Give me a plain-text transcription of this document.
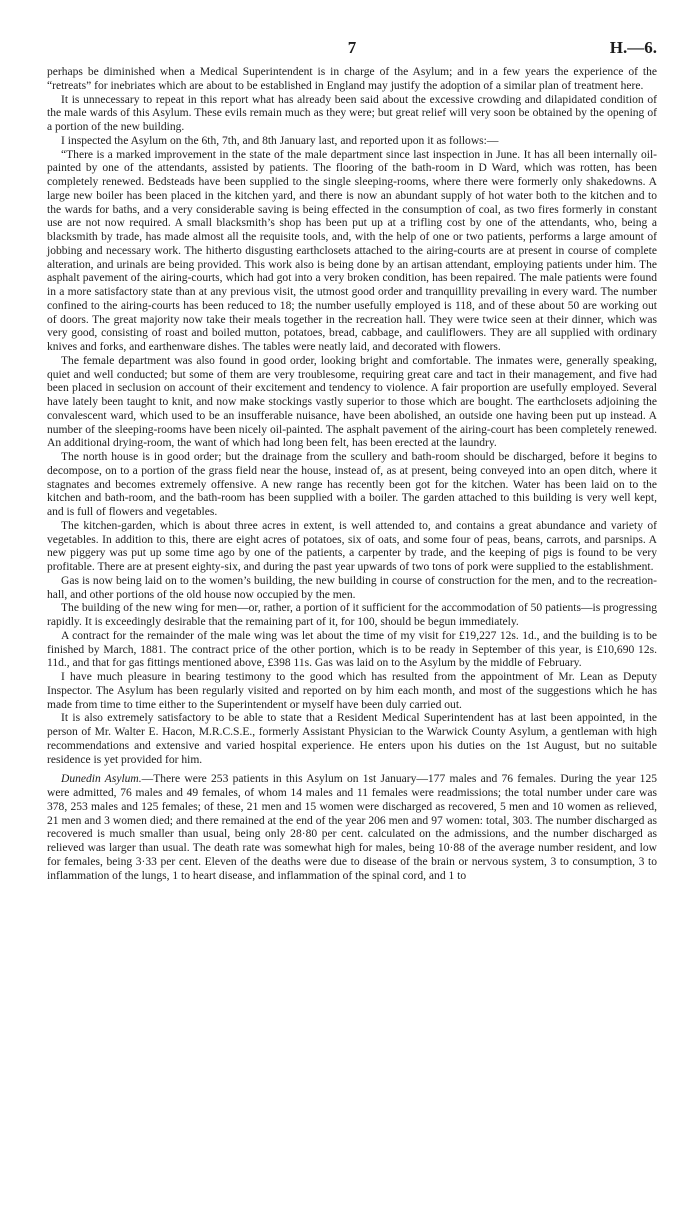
7	H.—6.

perhaps be diminished when a Medical Superintendent is in charge of the Asylum; and in a few years the experience of the “retreats” for inebriates which are about to be established in England may justify the adoption of a similar plan of treatment here.

It is unnecessary to repeat in this report what has already been said about the excessive crowding and dilapidated condition of the male wards of this Asylum. These evils remain much as they were; but great relief will very soon be obtained by the opening of a portion of the new building.

I inspected the Asylum on the 6th, 7th, and 8th January last, and reported upon it as follows:—

“There is a marked improvement in the state of the male department since last inspection in June. It has all been internally oil-painted by one of the attendants, assisted by patients. The flooring of the bath-room in D Ward, which was rotten, has been completely renewed. Bedsteads have been supplied to the single sleeping-rooms, where there were formerly only shakedowns. A large new boiler has been placed in the kitchen yard, and there is now an abundant supply of hot water both to the kitchen and to the wards for baths, and a very considerable saving is being effected in the consumption of coal, as two fires formerly in constant use are not now required. A small blacksmith’s shop has been put up at a trifling cost by one of the attendants, who, being a blacksmith by trade, has made almost all the requisite tools, and, with the help of one or two patients, performs a large amount of jobbing and necessary work. The hitherto disgusting earthclosets attached to the airing-courts are at present in course of complete alteration, and urinals are being provided. This work also is being done by an artisan attendant, employing patients under him. The asphalt pavement of the airing-courts, which had got into a very broken condition, has been repaired. The male patients were found in a more satisfactory state than at any previous visit, the utmost good order and tranquillity prevailing in every ward. The number confined to the airing-courts has been reduced to 18; the number usefully employed is 118, and of these about 50 are working out of doors. The great majority now take their meals together in the recreation hall. They were twice seen at their dinner, which was very good, consisting of roast and boiled mutton, potatoes, bread, cabbage, and cauliflowers. They are all supplied with ordinary knives and forks, and earthenware dishes. The tables were neatly laid, and decorated with flowers.

The female department was also found in good order, looking bright and comfortable. The inmates were, generally speaking, quiet and well conducted; but some of them are very troublesome, requiring great care and tact in their management, and five had been placed in seclusion on account of their excitement and tendency to violence. A fair proportion are usefully employed. Several have lately been taught to knit, and now make stockings vastly superior to those which are bought. The earthclosets adjoining the convalescent ward, which used to be an insufferable nuisance, have been abolished, an outside one having been put up instead. A number of the sleeping-rooms have been nicely oil-painted. The asphalt pavement of the airing-court has been completely renewed. An additional drying-room, the want of which had long been felt, has been erected at the laundry.

The north house is in good order; but the drainage from the scullery and bath-room should be discharged, before it begins to decompose, on to a portion of the grass field near the house, instead of, as at present, being conveyed into an open ditch, where it stagnates and becomes extremely offensive. A new range has recently been got for the kitchen. Water has been laid on to the kitchen and bath-room, and the bath-room has been supplied with a boiler. The garden attached to this building is very well kept, and is full of flowers and vegetables.

The kitchen-garden, which is about three acres in extent, is well attended to, and contains a great abundance and variety of vegetables. In addition to this, there are eight acres of potatoes, six of oats, and some four of peas, beans, carrots, and parsnips. A new piggery was put up some time ago by one of the patients, a carpenter by trade, and the keeping of pigs is found to be very profitable. There are at present eighty-six, and during the past year upwards of two tons of pork were supplied to the establishment.

Gas is now being laid on to the women’s building, the new building in course of construction for the men, and to the recreation-hall, and other portions of the old house now occupied by the men.

The building of the new wing for men—or, rather, a portion of it sufficient for the accommodation of 50 patients—is progressing rapidly. It is exceedingly desirable that the remaining part of it, for 100, should be begun immediately.

A contract for the remainder of the male wing was let about the time of my visit for £19,227 12s. 1d., and the building is to be finished by March, 1881. The contract price of the other portion, which is to be ready in September of this year, is £10,690 12s. 11d., and that for gas fittings mentioned above, £398 11s. Gas was laid on to the Asylum by the middle of February.

I have much pleasure in bearing testimony to the good which has resulted from the appointment of Mr. Lean as Deputy Inspector. The Asylum has been regularly visited and reported on by him each month, and most of the suggestions which he has made from time to time either to the Superintendent or myself have been duly carried out.

It is also extremely satisfactory to be able to state that a Resident Medical Superintendent has at last been appointed, in the person of Mr. Walter E. Hacon, M.R.C.S.E., formerly Assistant Physician to the Warwick County Asylum, a gentleman with high recommendations and extensive and varied hospital experience. He enters upon his duties on the 1st August, but no suitable residence is yet provided for him.

Dunedin Asylum.—There were 253 patients in this Asylum on 1st January—177 males and 76 females. During the year 125 were admitted, 76 males and 49 females, of whom 14 males and 11 females were readmissions; the total number under care was 378, 253 males and 125 females; of these, 21 men and 15 women were discharged as recovered, 5 men and 10 women as relieved, 21 men and 3 women died; and there remained at the end of the year 206 men and 97 women: total, 303. The number discharged as recovered is much smaller than usual, being only 28·80 per cent. calculated on the admissions, and the number discharged as relieved was larger than usual. The death rate was somewhat high for males, being 10·88 of the average number resident, and low for females, being 3·33 per cent. Eleven of the deaths were due to disease of the brain or nervous system, 3 to consumption, 3 to inflammation of the lungs, 1 to heart disease, and inflammation of the spinal cord, and 1 to
